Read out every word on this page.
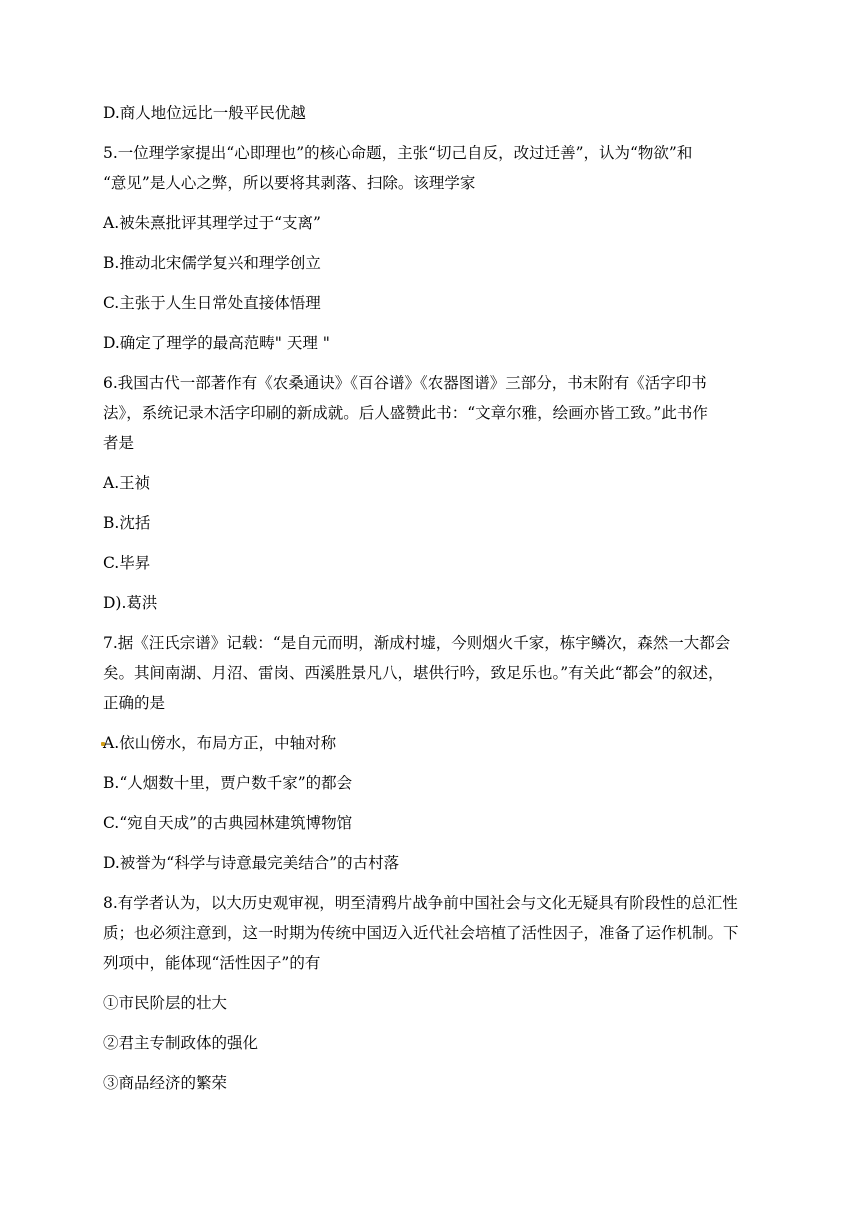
D.商人地位远比一般平民优越
5.一位理学家提出“心即理也”的核心命题，主张“切己自反，改过迁善”，认为“物欲”和
“意见”是人心之弊，所以要将其剥落、扫除。该理学家
A.被朱熹批评其理学过于“支离”
B.推动北宋儒学复兴和理学创立
C.主张于人生日常处直接体悟理
D.确定了理学的最高范畴" 天理 "
6.我国古代一部著作有《农桑通诀》《百谷谱》《农器图谱》三部分，书末附有《活字印书
法》，系统记录木活字印刷的新成就。后人盛赞此书：“文章尔雅，绘画亦皆工致。”此书作
者是
A.王祯
B.沈括
C.毕昇
D).葛洪
7.据《汪氏宗谱》记载：“是自元而明，渐成村墟，今则烟火千家，栋宇鳞次，森然一大都会
矣。其间南湖、月沼、雷岗、西溪胜景凡八，堪供行吟，致足乐也。”有关此“都会”的叙述，
正确的是
A.依山傍水，布局方正，中轴对称
B.“人烟数十里，贾户数千家”的都会
C.“宛自天成”的古典园林建筑博物馆
D.被誉为“科学与诗意最完美结合”的古村落
8.有学者认为，以大历史观审视，明至清鸦片战争前中国社会与文化无疑具有阶段性的总汇性
质；也必须注意到，这一时期为传统中国迈入近代社会培植了活性因子，准备了运作机制。下
列项中，能体现“活性因子”的有
①市民阶层的壮大
②君主专制政体的强化
③商品经济的繁荣
